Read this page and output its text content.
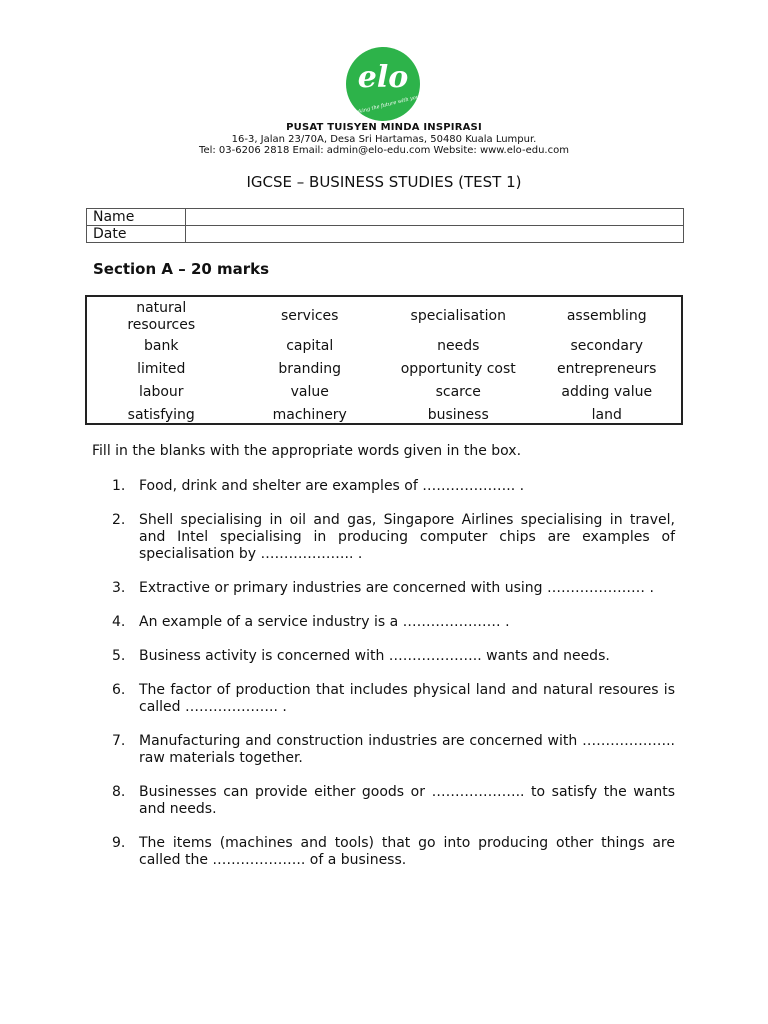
elo
taking the future with you
PUSAT TUISYEN MINDA INSPIRASI
16-3, Jalan 23/70A, Desa Sri Hartamas, 50480 Kuala Lumpur.
Tel: 03-6206 2818 Email: admin@elo-edu.com Website: www.elo-edu.com
IGCSE – BUSINESS STUDIES (TEST 1)
Name	
Date	
Section A – 20 marks
natural resources	services	specialisation	assembling
bank	capital	needs	secondary
limited	branding	opportunity cost	entrepreneurs
labour	value	scarce	adding value
satisfying	machinery	business	land
Fill in the blanks with the appropriate words given in the box.
1. Food, drink and shelter are examples of ……………….. .
2. Shell specialising in oil and gas, Singapore Airlines specialising in travel, and Intel specialising in producing computer chips are examples of specialisation by ……………….. .
3. Extractive or primary industries are concerned with using ………………… .
4. An example of a service industry is a ………………… .
5. Business activity is concerned with ……………….. wants and needs.
6. The factor of production that includes physical land and natural resoures is called ……………….. .
7. Manufacturing and construction industries are concerned with ……………….. raw materials together.
8. Businesses can provide either goods or ……………….. to satisfy the wants and needs.
9. The items (machines and tools) that go into producing other things are called the ……………….. of a business.
